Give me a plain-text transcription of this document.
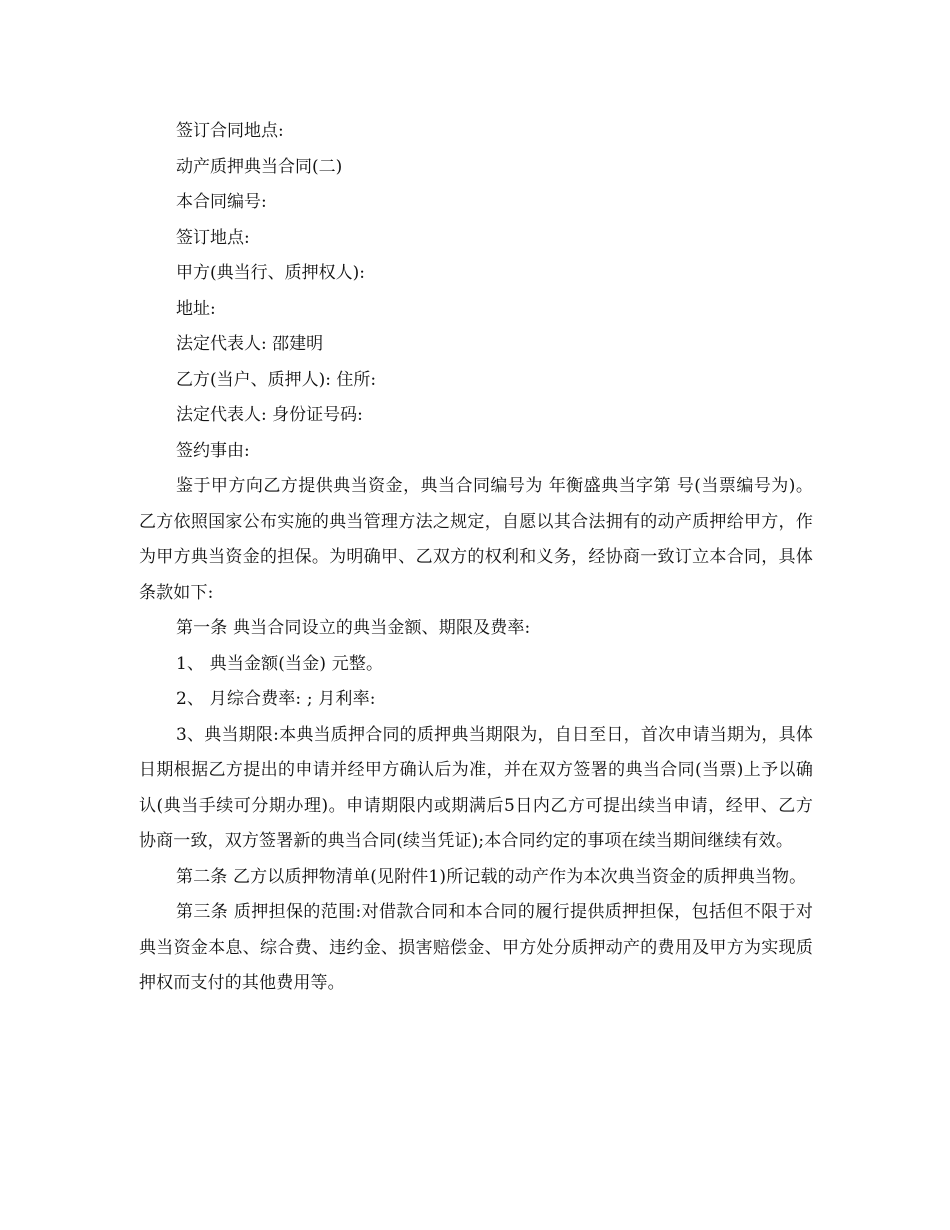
签订合同地点:

动产质押典当合同(二)

本合同编号:

签订地点:

甲方(典当行、质押权人):

地址:

法定代表人: 邵建明

乙方(当户、质押人): 住所:

法定代表人: 身份证号码:

签约事由:

鉴于甲方向乙方提供典当资金，典当合同编号为 年衡盛典当字第 号(当票编号为)。乙方依照国家公布实施的典当管理方法之规定，自愿以其合法拥有的动产质押给甲方，作为甲方典当资金的担保。为明确甲、乙双方的权利和义务，经协商一致订立本合同，具体条款如下:

第一条 典当合同设立的典当金额、期限及费率:

1、 典当金额(当金) 元整。

2、 月综合费率: ; 月利率:

3、典当期限:本典当质押合同的质押典当期限为，自日至日，首次申请当期为，具体日期根据乙方提出的申请并经甲方确认后为准，并在双方签署的典当合同(当票)上予以确认(典当手续可分期办理)。申请期限内或期满后5日内乙方可提出续当申请，经甲、乙方协商一致，双方签署新的典当合同(续当凭证);本合同约定的事项在续当期间继续有效。

第二条 乙方以质押物清单(见附件1)所记载的动产作为本次典当资金的质押典当物。

第三条 质押担保的范围:对借款合同和本合同的履行提供质押担保，包括但不限于对典当资金本息、综合费、违约金、损害赔偿金、甲方处分质押动产的费用及甲方为实现质押权而支付的其他费用等。
